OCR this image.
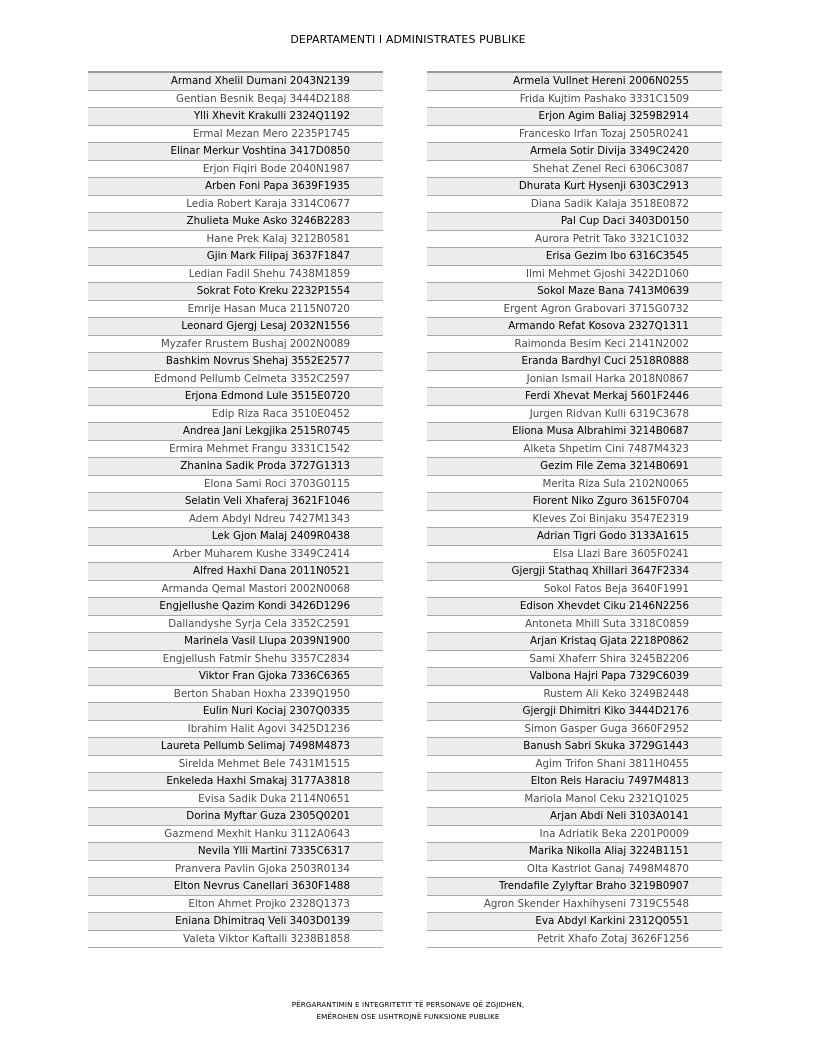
DEPARTAMENTI I ADMINISTRATES PUBLIKE
Armand Xhelil Dumani 2043N2139
Gentian Besnik Beqaj 3444D2188
Ylli Xhevit Krakulli 2324Q1192
Ermal Mezan Mero 2235P1745
Elinar Merkur Voshtina 3417D0850
Erjon Fiqiri Bode 2040N1987
Arben Foni Papa 3639F1935
Ledia Robert Karaja 3314C0677
Zhulieta Muke Asko 3246B2283
Hane Prek Kalaj 3212B0581
Gjin Mark Filipaj 3637F1847
Ledian Fadil Shehu 7438M1859
Sokrat Foto Kreku 2232P1554
Emrije Hasan Muca 2115N0720
Leonard Gjergj Lesaj 2032N1556
Myzafer Rrustem Bushaj 2002N0089
Bashkim Novrus Shehaj 3552E2577
Edmond Pellumb Celmeta 3352C2597
Erjona Edmond Lule 3515E0720
Edip Riza Raca 3510E0452
Andrea Jani Lekgjika 2515R0745
Ermira Mehmet Frangu 3331C1542
Zhanina Sadik Proda 3727G1313
Elona Sami Roci 3703G0115
Selatin Veli Xhaferaj 3621F1046
Adem Abdyl Ndreu 7427M1343
Lek Gjon Malaj 2409R0438
Arber Muharem Kushe 3349C2414
Alfred Haxhi Dana 2011N0521
Armanda Qemal Mastori 2002N0068
Engjellushe Qazim Kondi 3426D1296
Dallandyshe Syrja Cela 3352C2591
Marinela Vasil Llupa 2039N1900
Engjellush Fatmir Shehu 3357C2834
Viktor Fran Gjoka 7336C6365
Berton Shaban Hoxha 2339Q1950
Eulin Nuri Kociaj 2307Q0335
Ibrahim Halit Agovi 3425D1236
Laureta Pellumb Selimaj 7498M4873
Sirelda Mehmet Bele 7431M1515
Enkeleda Haxhi Smakaj 3177A3818
Evisa Sadik Duka 2114N0651
Dorina Myftar Guza 2305Q0201
Gazmend Mexhit Hanku 3112A0643
Nevila Ylli Martini 7335C6317
Pranvera Pavlin Gjoka 2503R0134
Elton Nevrus Canellari 3630F1488
Elton Ahmet Projko 2328Q1373
Eniana Dhimitraq Veli 3403D0139
Valeta Viktor Kaftalli 3238B1858
Armela Vullnet Hereni 2006N0255
Frida Kujtim Pashako 3331C1509
Erjon Agim Baliaj 3259B2914
Francesko Irfan Tozaj 2505R0241
Armela Sotir Divija 3349C2420
Shehat Zenel Reci 6306C3087
Dhurata Kurt Hysenji 6303C2913
Diana Sadik Kalaja 3518E0872
Pal Cup Daci 3403D0150
Aurora Petrit Tako 3321C1032
Erisa Gezim Ibo 6316C3545
Ilmi Mehmet Gjoshi 3422D1060
Sokol Maze Bana 7413M0639
Ergent Agron Grabovari 3715G0732
Armando Refat Kosova 2327Q1311
Raimonda Besim Keci 2141N2002
Eranda Bardhyl Cuci 2518R0888
Jonian Ismail Harka 2018N0867
Ferdi Xhevat Merkaj 5601F2446
Jurgen Ridvan Kulli 6319C3678
Eliona Musa Albrahimi 3214B0687
Alketa Shpetim Cini 7487M4323
Gezim File Zema 3214B0691
Merita Riza Sula 2102N0065
Fiorent Niko Zguro 3615F0704
Kleves Zoi Binjaku 3547E2319
Adrian Tigri Godo 3133A1615
Elsa Llazi Bare 3605F0241
Gjergji Stathaq Xhillari 3647F2334
Sokol Fatos Beja 3640F1991
Edison Xhevdet Ciku 2146N2256
Antoneta Mhill Suta 3318C0859
Arjan Kristaq Gjata 2218P0862
Sami Xhaferr Shira 3245B2206
Valbona Hajri Papa 7329C6039
Rustem Ali Keko 3249B2448
Gjergji Dhimitri Kiko 3444D2176
Simon Gasper Guga 3660F2952
Banush Sabri Skuka 3729G1443
Agim Trifon Shani 3811H0455
Elton Reis Haraciu 7497M4813
Mariola Manol Ceku 2321Q1025
Arjan Abdi Neli 3103A0141
Ina Adriatik Beka 2201P0009
Marika Nikolla Aliaj 3224B1151
Olta Kastriot Ganaj 7498M4870
Trendafile Zylyftar Braho 3219B0907
Agron Skender Haxhihyseni 7319C5548
Eva Abdyl Karkini 2312Q0551
Petrit Xhafo Zotaj 3626F1256
PËRGARANTIMIN E INTEGRITETIT TË PERSONAVE QË ZGJIDHEN,
EMËROHEN OSE USHTROJNË FUNKSIONE PUBLIKE
